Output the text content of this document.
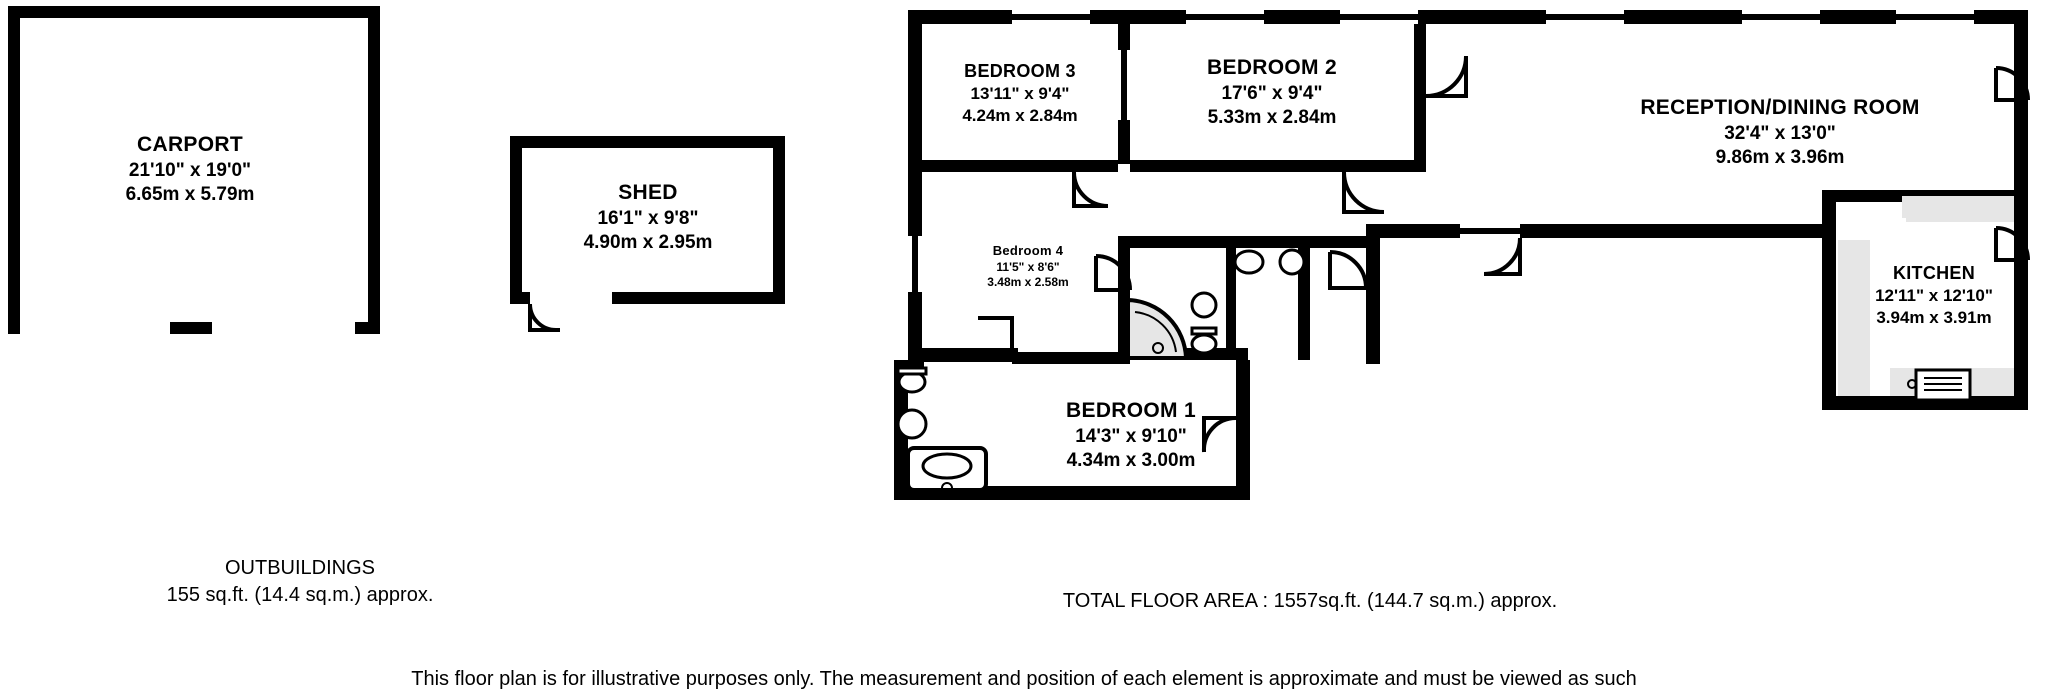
CARPORT
21'10" x 19'0"
6.65m x 5.79m	SHED
16'1" x 9'8"
4.90m x 2.95m
BEDROOM 3
13'11" x 9'4"
4.24m x 2.84m
BEDROOM 2
17'6" x 9'4"
5.33m x 2.84m	RECEPTION/DINING ROOM
32'4" x 13'0"
9.86m x 3.96m
Bedroom 4
11'5" x 8'6"
3.48m x 2.58m	KITCHEN
12'11" x 12'10"
3.94m x 3.91m
BEDROOM 1
14'3" x 9'10"
4.34m x 3.00m
OUTBUILDINGS
155 sq.ft. (14.4 sq.m.) approx.	TOTAL FLOOR AREA : 1557sq.ft. (144.7 sq.m.) approx.
This floor plan is for illustrative purposes only. The measurement and position of each element is approximate and must be viewed as such
